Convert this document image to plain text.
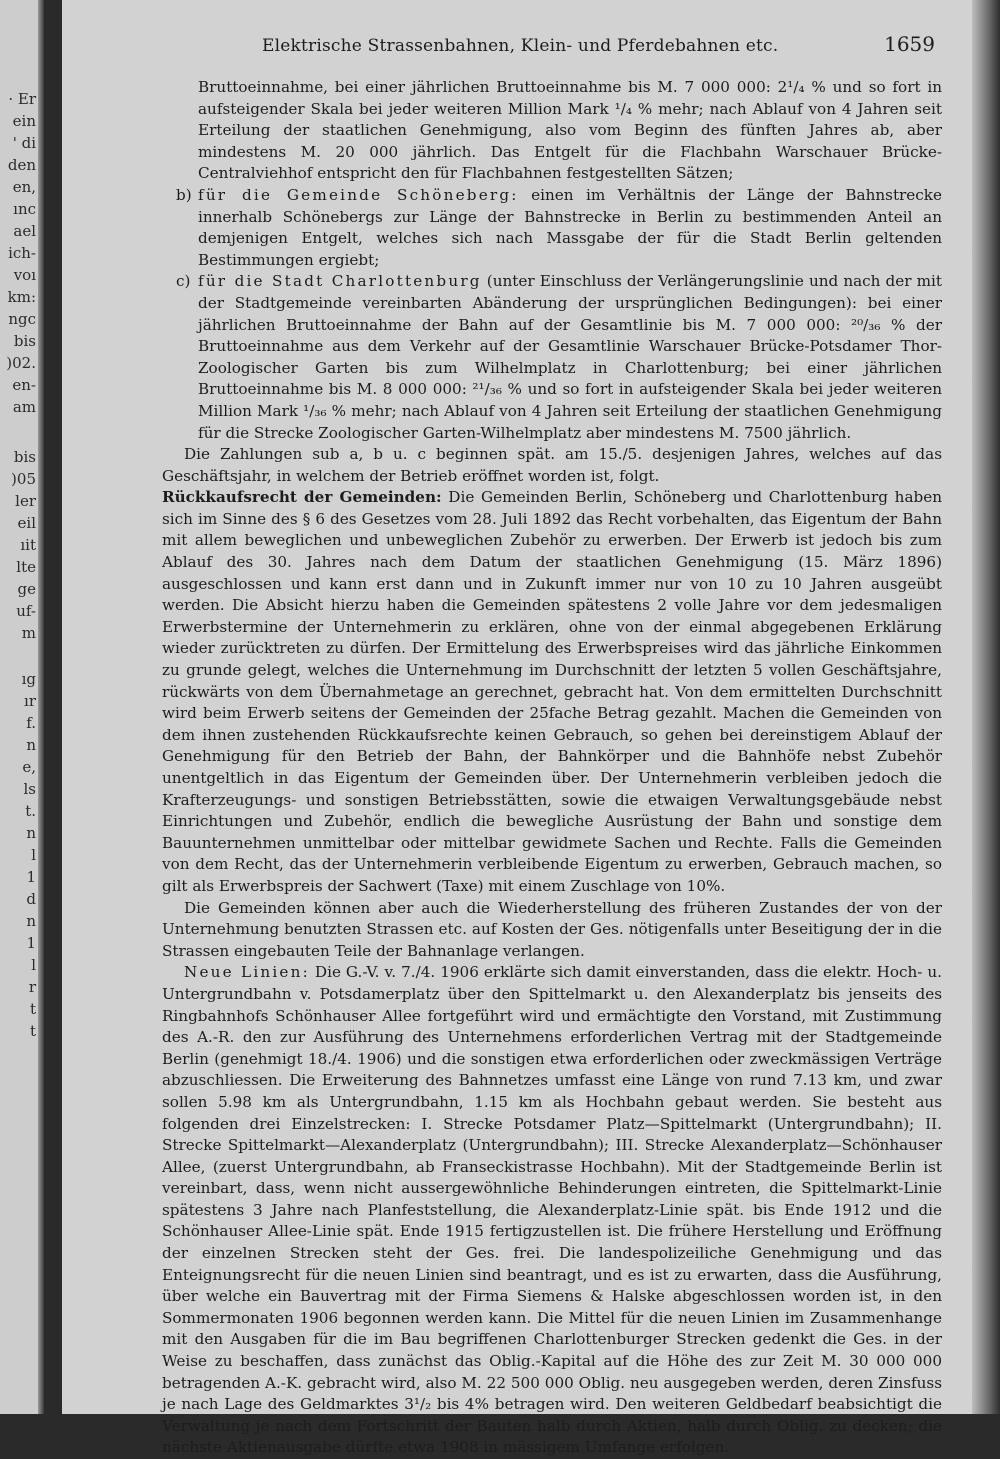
· Er
ein
' di
den
en,
ınc
ael
ich-
voı
km:
ngc
bis
)02.
en-
am
bis
)05
ler
eil
ıit
lte
ge
uf-
m
ıg
ır
f.
n
e,
ls
t.
n
l
1
d
n
1
l
r
t
t
Elektrische Strassenbahnen, Klein- und Pferdebahnen etc.	1659

Bruttoeinnahme, bei einer jährlichen Bruttoeinnahme bis M. 7 000 000: 2¹/₄ % und so fort in aufsteigender Skala bei jeder weiteren Million Mark ¹/₄ % mehr; nach Ablauf von 4 Jahren seit Erteilung der staatlichen Genehmigung, also vom Beginn des fünften Jahres ab, aber mindestens M. 20 000 jährlich. Das Entgelt für die Flachbahn Warschauer Brücke-Centralviehhof entspricht den für Flachbahnen festgestellten Sätzen;

b) für die Gemeinde Schöneberg: einen im Verhältnis der Länge der Bahnstrecke innerhalb Schönebergs zur Länge der Bahnstrecke in Berlin zu bestimmenden Anteil an demjenigen Entgelt, welches sich nach Massgabe der für die Stadt Berlin geltenden Bestimmungen ergiebt;

c) für die Stadt Charlottenburg (unter Einschluss der Verlängerungslinie und nach der mit der Stadtgemeinde vereinbarten Abänderung der ursprünglichen Bedingungen): bei einer jährlichen Bruttoeinnahme der Bahn auf der Gesamtlinie bis M. 7 000 000: ²⁰/₃₆ % der Bruttoeinnahme aus dem Verkehr auf der Gesamtlinie Warschauer Brücke-Potsdamer Thor-Zoologischer Garten bis zum Wilhelmplatz in Charlottenburg; bei einer jährlichen Bruttoeinnahme bis M. 8 000 000: ²¹/₃₆ % und so fort in aufsteigender Skala bei jeder weiteren Million Mark ¹/₃₆ % mehr; nach Ablauf von 4 Jahren seit Erteilung der staatlichen Genehmigung für die Strecke Zoologischer Garten-Wilhelmplatz aber mindestens M. 7500 jährlich.

Die Zahlungen sub a, b u. c beginnen spät. am 15./5. desjenigen Jahres, welches auf das Geschäftsjahr, in welchem der Betrieb eröffnet worden ist, folgt.

Rückkaufsrecht der Gemeinden: Die Gemeinden Berlin, Schöneberg und Charlottenburg haben sich im Sinne des § 6 des Gesetzes vom 28. Juli 1892 das Recht vorbehalten, das Eigentum der Bahn mit allem beweglichen und unbeweglichen Zubehör zu erwerben. Der Erwerb ist jedoch bis zum Ablauf des 30. Jahres nach dem Datum der staatlichen Genehmigung (15. März 1896) ausgeschlossen und kann erst dann und in Zukunft immer nur von 10 zu 10 Jahren ausgeübt werden. Die Absicht hierzu haben die Gemeinden spätestens 2 volle Jahre vor dem jedesmaligen Erwerbstermine der Unternehmerin zu erklären, ohne von der einmal abgegebenen Erklärung wieder zurücktreten zu dürfen. Der Ermittelung des Erwerbspreises wird das jährliche Einkommen zu grunde gelegt, welches die Unternehmung im Durchschnitt der letzten 5 vollen Geschäftsjahre, rückwärts von dem Übernahmetage an gerechnet, gebracht hat. Von dem ermittelten Durchschnitt wird beim Erwerb seitens der Gemeinden der 25fache Betrag gezahlt. Machen die Gemeinden von dem ihnen zustehenden Rückkaufsrechte keinen Gebrauch, so gehen bei dereinstigem Ablauf der Genehmigung für den Betrieb der Bahn, der Bahnkörper und die Bahnhöfe nebst Zubehör unentgeltlich in das Eigentum der Gemeinden über. Der Unternehmerin verbleiben jedoch die Krafterzeugungs- und sonstigen Betriebsstätten, sowie die etwaigen Verwaltungsgebäude nebst Einrichtungen und Zubehör, endlich die bewegliche Ausrüstung der Bahn und sonstige dem Bauunternehmen unmittelbar oder mittelbar gewidmete Sachen und Rechte. Falls die Gemeinden von dem Recht, das der Unternehmerin verbleibende Eigentum zu erwerben, Gebrauch machen, so gilt als Erwerbspreis der Sachwert (Taxe) mit einem Zuschlage von 10%.

Die Gemeinden können aber auch die Wiederherstellung des früheren Zustandes der von der Unternehmung benutzten Strassen etc. auf Kosten der Ges. nötigenfalls unter Beseitigung der in die Strassen eingebauten Teile der Bahnanlage verlangen.

Neue Linien: Die G.-V. v. 7./4. 1906 erklärte sich damit einverstanden, dass die elektr. Hoch- u. Untergrundbahn v. Potsdamerplatz über den Spittelmarkt u. den Alexanderplatz bis jenseits des Ringbahnhofs Schönhauser Allee fortgeführt wird und ermächtigte den Vorstand, mit Zustimmung des A.-R. den zur Ausführung des Unternehmens erforderlichen Vertrag mit der Stadtgemeinde Berlin (genehmigt 18./4. 1906) und die sonstigen etwa erforderlichen oder zweckmässigen Verträge abzuschliessen. Die Erweiterung des Bahnnetzes umfasst eine Länge von rund 7.13 km, und zwar sollen 5.98 km als Untergrundbahn, 1.15 km als Hochbahn gebaut werden. Sie besteht aus folgenden drei Einzelstrecken: I. Strecke Potsdamer Platz—Spittelmarkt (Untergrundbahn); II. Strecke Spittelmarkt—Alexanderplatz (Untergrundbahn); III. Strecke Alexanderplatz—Schönhauser Allee, (zuerst Untergrundbahn, ab Franseckistrasse Hochbahn). Mit der Stadtgemeinde Berlin ist vereinbart, dass, wenn nicht aussergewöhnliche Behinderungen eintreten, die Spittelmarkt-Linie spätestens 3 Jahre nach Planfeststellung, die Alexanderplatz-Linie spät. bis Ende 1912 und die Schönhauser Allee-Linie spät. Ende 1915 fertigzustellen ist. Die frühere Herstellung und Eröffnung der einzelnen Strecken steht der Ges. frei. Die landespolizeiliche Genehmigung und das Enteignungsrecht für die neuen Linien sind beantragt, und es ist zu erwarten, dass die Ausführung, über welche ein Bauvertrag mit der Firma Siemens & Halske abgeschlossen worden ist, in den Sommermonaten 1906 begonnen werden kann. Die Mittel für die neuen Linien im Zusammenhange mit den Ausgaben für die im Bau begriffenen Charlottenburger Strecken gedenkt die Ges. in der Weise zu beschaffen, dass zunächst das Oblig.-Kapital auf die Höhe des zur Zeit M. 30 000 000 betragenden A.-K. gebracht wird, also M. 22 500 000 Oblig. neu ausgegeben werden, deren Zinsfuss je nach Lage des Geldmarktes 3¹/₂ bis 4% betragen wird. Den weiteren Geldbedarf beabsichtigt die Verwaltung je nach dem Fortschritt der Bauten halb durch Aktien, halb durch Oblig. zu decken; die nächste Aktienausgabe dürfte etwa 1908 in mässigem Umfange erfolgen.
